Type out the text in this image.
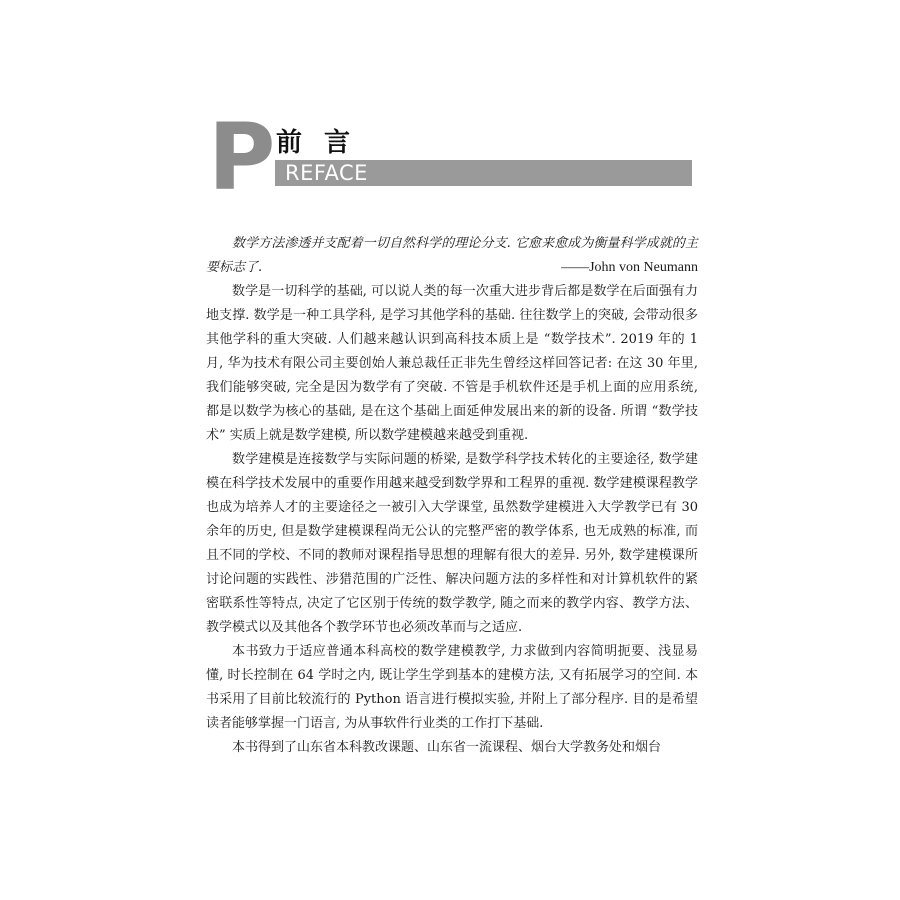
P 前言
REFACE

数学方法渗透并支配着一切自然科学的理论分支. 它愈来愈成为衡量科学成就的主要标志了.	——John von Neumann

数学是一切科学的基础, 可以说人类的每一次重大进步背后都是数学在后面强有力地支撑. 数学是一种工具学科, 是学习其他学科的基础. 往往数学上的突破, 会带动很多其他学科的重大突破. 人们越来越认识到高科技本质上是 “数学技术”. 2019 年的 1 月, 华为技术有限公司主要创始人兼总裁任正非先生曾经这样回答记者: 在这 30 年里, 我们能够突破, 完全是因为数学有了突破. 不管是手机软件还是手机上面的应用系统, 都是以数学为核心的基础, 是在这个基础上面延伸发展出来的新的设备. 所谓 “数学技术” 实质上就是数学建模, 所以数学建模越来越受到重视.

数学建模是连接数学与实际问题的桥梁, 是数学科学技术转化的主要途径, 数学建模在科学技术发展中的重要作用越来越受到数学界和工程界的重视. 数学建模课程教学也成为培养人才的主要途径之一被引入大学课堂, 虽然数学建模进入大学教学已有 30 余年的历史, 但是数学建模课程尚无公认的完整严密的教学体系, 也无成熟的标准, 而且不同的学校、不同的教师对课程指导思想的理解有很大的差异. 另外, 数学建模课所讨论问题的实践性、涉猎范围的广泛性、解决问题方法的多样性和对计算机软件的紧密联系性等特点, 决定了它区别于传统的数学教学, 随之而来的教学内容、教学方法、教学模式以及其他各个教学环节也必须改革而与之适应.

本书致力于适应普通本科高校的数学建模教学, 力求做到内容简明扼要、浅显易懂, 时长控制在 64 学时之内, 既让学生学到基本的建模方法, 又有拓展学习的空间. 本书采用了目前比较流行的 Python 语言进行模拟实验, 并附上了部分程序. 目的是希望读者能够掌握一门语言, 为从事软件行业类的工作打下基础.

本书得到了山东省本科教改课题、山东省一流课程、烟台大学教务处和烟台
